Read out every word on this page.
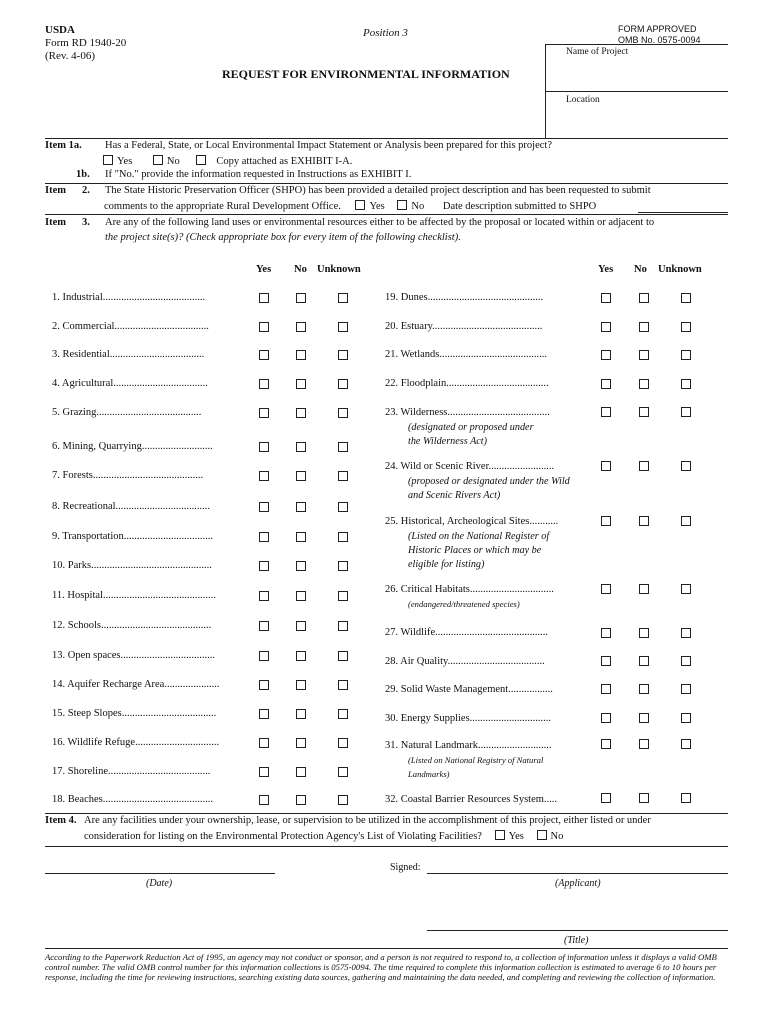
USDA
Form RD 1940-20
(Rev. 4-06)
Position 3	FORM APPROVED
OMB No. 0575-0094
REQUEST FOR ENVIRONMENTAL INFORMATION
Name of Project
Location
Item 1a. Has a Federal, State, or Local Environmental Impact Statement or Analysis been prepared for this project?
Yes	No	Copy attached as EXHIBIT I-A.
1b. If "No." provide the information requested in Instructions as EXHIBIT I.
Item 2. The State Historic Preservation Officer (SHPO) has been provided a detailed project description and has been requested to submit
comments to the appropriate Rural Development Office.	Yes	No Date description submitted to SHPO
Item 3. Are any of the following land uses or environmental resources either to be affected by the proposal or located within or adjacent to
the project site(s)? (Check appropriate box for every item of the following checklist).
Yes No Unknown	Yes No Unknown
Item 4. Are any facilities under your ownership, lease, or supervision to be utilized in the accomplishment of this project, either listed or under
consideration for listing on the Environmental Protection Agency's List of Violating Facilities?	Yes	No
Signed:
(Date)	(Applicant)
(Title)
According to the Paperwork Reduction Act of 1995, an agency may not conduct or sponsor, and a person is not required to respond to, a collection of information unless it displays a valid OMB control number. The valid OMB control number for this information collections is 0575-0094. The time required to complete this information collection is estimated to average 6 to 10 hours per response, including the time for reviewing instructions, searching existing data sources, gathering and maintaining the data needed, and completing and reviewing the collection of information.
1. Industrial.......................................
2. Commercial....................................
3. Residential....................................
4. Agricultural....................................
5. Grazing........................................
6. Mining, Quarrying...........................
7. Forests..........................................
8. Recreational....................................
9. Transportation..................................
10. Parks..............................................
11. Hospital...........................................
12. Schools..........................................
13. Open spaces....................................
14. Aquifer Recharge Area.....................
15. Steep Slopes....................................
16. Wildlife Refuge................................
17. Shoreline.......................................
18. Beaches..........................................
19. Dunes............................................
20. Estuary..........................................
21. Wetlands.........................................
22. Floodplain.......................................
23. Wilderness.......................................
(designated or proposed under
the Wilderness Act)
24. Wild or Scenic River.........................
(proposed or designated under the Wild
and Scenic Rivers Act)
25. Historical, Archeological Sites...........
(Listed on the National Register of
Historic Places or which may be
eligible for listing)
26. Critical Habitats................................
(endangered/threatened species)
27. Wildlife...........................................
28. Air Quality.....................................
29. Solid Waste Management.................
30. Energy Supplies...............................
31. Natural Landmark............................
(Listed on National Registry of Natural
Landmarks)
32. Coastal Barrier Resources System.....
